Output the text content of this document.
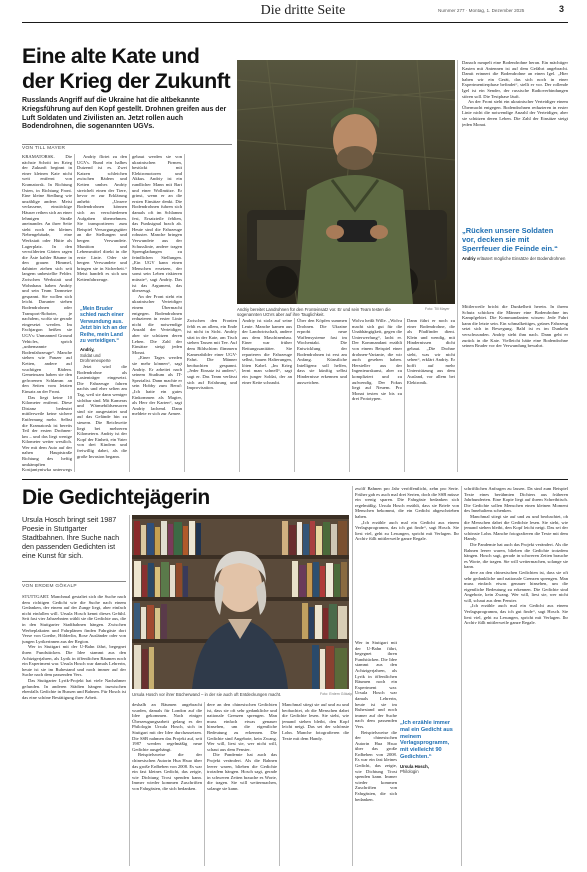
Die dritte Seite	Nummer 277 · Montag, 1. Dezember 2025	3
Eine alte Kate und
der Krieg der Zukunft
Russlands Angriff auf die Ukraine hat die altbekannte Kriegsführung auf den Kopf gestellt. Drohnen greifen aus der Luft Soldaten und Zivilisten an. Jetzt rollen auch Bodendrohnen, die sogenannten UGVs.
VON TILL MAYER

KRAMATORSK. Die nächste Schritt im Krieg der Zukunft beginnt in einer kleinen Kate nicht weit entfernt von Kramatorsk. In Richtung Osten, in Richtung Front. Eine kleine Siedlung wie unzählige andere. Meist verlassene, einstöckige Häuser reihen sich an einer lehmigen Straße aneinander. An ihrer Seite steht noch ein kleines Nebengebäude, eine Werkstatt oder Hütte als Lagerplatz. In den verwilderten Gärten ragen die Äste kahler Bäume in den grauen Himmel, dahinter ziehen sich seit langem unbestellte Felder. Zwischen Werkstatt und Wohnhaus haben Andriy und sein Team Tarnnetze gespannt. Sie wollen sich leicht. Darunter stehen Bodendrohnen oder Transport-Roboter, je nachdem, wofür sie gerade eingesetzt werden. Im Fachjargon heißen sie UGVs: Unmanned Ground Vehicles, sprich „unbemannte Bodenfahrzeuge“. Manche stehen wie Panzer auf Ketten, andere auf wuchtigen Rädern. Gemeinsam haben sie den gefrorenen Schlamm an den Seiten vom letzten Einsatz an der Front.

Das liegt keine 10 Kilometer entfernt. Diese Distanz bedeutet mittlerweile keine sichere Entfernung mehr. Selbst die Kramatorsk ist bereits Teil der ersten Drohnen-km – und das liegt wenige Kilometer weiter westlich. Wer mit dem Auto auf der nahen Hauptstraße Richtung des heftig umkämpften Kostjantyniwka unterwegs

Andriy flirtet zu den UGVs. Rund ein halbes Dutzend ist es. Zwei Katzen schleichen zwischen Rädern und Ketten umher. Andriy streichelt einen der Tiere, bevor er zur Erklärung anhebt: „Unsere Bodendrohnen können sich an verschiedenen Aufgaben übernehmen. Sie transportieren zum Beispiel Versorgungsgüter an die Stellungen und bergen Verwundete. Munition und Lebensmittel direkt in die erste Linie. Oder sie bergen Verwundete und bringen sie in Sicherheit.“ Meist handelt es sich um Kettenfahrzeuge.

„Mein Bruder schied nach einer Verwundung aus. Jetzt bin ich an der Reihe, mein Land zu verteidigen.“
Andriy,
Soldat und Drohnenexperte

Jetzt wird die Bodendrohne als Lastenträger eingesetzt. Die Fahrzeuge fahren nachts und eher selten am Tag, weil sie dann weniger sichtbar sind. Mit Kameras und Wärmebildsensoren sind sie ausgestattet und auf das Gelände hin zu steuern. Die Reichweite liegt bei mehreren Kilometern. Andriy ist der Kopf der Einheit, ein Vater von drei Kindern und freiwillig dabei, als die große Invasion begann.

gebaut werden sie von ukrainischen Firmen, bestückt mit Elektromotoren und Akkus. Andriy ist ein rundlicher Mann mit Bart und einer Wollmütze. Er grinst, wenn er an die ersten Einsätze denkt. Die Bodendrohnen fuhren sich damals oft im Schlamm fest, Ersatzteile fehlten, das Funksignal brach ab. Heute sind die Fahrzeuge robuster. Manche bringen Verwundete aus der Schusslinie, andere tragen Sprengladungen zu feindlichen Stellungen. „Ein UGV kann einen Menschen ersetzen, der sonst sein Leben riskieren müsste“, sagt Andriy. Das ist das Argument, das überzeugt.

An der Front steht ein ukrainischer Verteidiger einem Übermacht entgegen. Bodendrohnen reduzieren in erster Linie nicht die notwendige Anzahl der Verteidiger, aber sie schützen deren Leben. Die Zahl der Einsätze steigt jeden Monat.

„Einer Tages werden sie mehr können“, sagt Andriy. Er arbeitet nach seinem Studium als IT-Spezialist. Dann machte er sein Hobby zum Beruf: „Ich hatte ein gutes Einkommen als Magier, als Herr der Karten“, sagt Andriy lachend. Dann meldete er sich zur Armee.

Andriy bereitet Landrohnen für den Fronteinsatz vor. Er und sein Team testen die sogenannten UGVs aber auf ihre Tauglichkeit.
Foto: Till Mayer

Zwischen den Fronten fehlt es an allem, ein Ende ist nicht in Sicht. Andriy sitzt in der Kate, am Tisch stehen Tassen mit Tee. Auf dem Bildschirm flimmern Kamerabilder einer UGV-Fahrt. Die Männer beobachten gespannt. „Jeder Einsatz ist anders“, sagt er. Das Team verlässt sich auf Erfahrung und Improvisation.

Andriy ist stolz auf seine Leute. Manche kamen aus der Landwirtschaft, andere aus dem Maschinenbau. Einer war früher Rettungssanitäter. Sie reparieren die Fahrzeuge selbst, bauen Halterungen, löten Kabel. „Im Krieg lernt man schnell“, sagt ein junger Soldat, der an einer Kette schraubt.

Über den Köpfen summen Drohnen. Die Ukraine erprobt neue Waffensysteme fast im Wochentakt. Die Entwicklung der Bodendrohnen ist erst am Anfang. Künstliche Intelligenz soll helfen, dass sie künftig selbst Hindernisse erkennen und ausweichen.

Wolva heißt Wille. „Wolva macht sich gut für die Unabhängigkeit, gegen die Unterwerfung“, lacht er. Der Kommandant erzählt von einem Beispiel einer drohnen-Variante, die wir auch gesehen haben. Hersteller aus der Ingenieurskunst, aber zu kompliziert und zu aufwendig. Der Fokus liegt auf Neuem. Pro Monat testen sie bis zu drei Prototypen.

Dann führt er noch zu einer Bodendrohne, die als Pfadfinder dient. Klein und wendig, mit Hindernissen dicht gebaut. „Die Drohne sieht, was wir nicht sehen“, erklärt Andriy. Er hofft auf mehr Unterstützung aus dem Ausland, vor allem bei Elektronik.

Danach rumpelt eine Bodendrohne heran. Ein mächtiger Kasten mit Antennen ist auf dem Gefährt angebracht. Damit erinnert die Bodendrohne an einen Igel. „Hier haben wir ein Gerät, das sich noch in einer Experimentierphase befindet“, stellt er vor. Der rollende Igel ist ein Sender, der russische Radioverbindungen stören soll. Die Testphase läuft.

An der Front steht ein ukrainischer Verteidiger einem Übermacht entgegen. Bodendrohnen reduzieren in erster Linie nicht die notwendige Anzahl der Verteidiger, aber sie schützen deren Leben. Die Zahl der Einsätze steigt jeden Monat.

„Rücken unsere Soldaten vor, decken sie mit Sperrfeuer die Feinde ein.“
Andriy erläutert mögliche Einsätze der Bodendrohnen

Mittlerweile bricht die Dunkelheit herein. In ihrem Schutz schicken die Männer eine Bodendrohne ins Kampfgebiet. Die Kommandanten wissen: Jede Fahrt kann die letzte sein. Ein schmalkettiges, grünes Fahrzeug setzt sich in Bewegung. Bald ist es im Dunkeln verschwunden. Andriy sieht ihm nach. Dann geht er zurück in die Kate. Vielleicht hätte eine Bodendrohne seinen Bruder vor der Verwundung bewahrt.

Die Gedichtejägerin
Ursula Hosch bringt seit 1987 Poesie in Stuttgarter Stadtbahnen. Ihre Suche nach den passenden Gedichten ist eine Kunst für sich.
VON ERDEM GÖKALP

STUTTGART. Manchmal gestaltet sich die Suche nach dem richtigen Gedicht wie die Suche nach einem Gedanken, der einem auf der Zunge liegt, aber einfach nicht einfallen will. Ursula Hosch kennt dieses Gefühl. Seit fast vier Jahrzehnten wählt sie die Gedichte aus, die in den Stuttgarter Stadtbahnen hängen. Zwischen Werbeplakaten und Fahrplänen finden Fahrgäste dort Verse von Goethe, Hölderlin, Rose Ausländer oder von jungen Lyrikerinnen aus der Region.

Wer in Stuttgart mit der U-Bahn fährt, begegnet ihren Fundstücken. Die Idee stammt aus den Achtzigerjahren, als Lyrik in öffentlichen Räumen noch ein Experiment war. Ursula Hosch war damals Lehrerin, heute ist sie im Ruhestand und noch immer auf der Suche nach dem passenden Vers.

Das Stuttgarter Lyrik-Projekt hat viele Nachahmer gefunden. In anderen Städten hängen inzwischen ebenfalls Gedichte in Bussen und Bahnen. Für Hosch ist das eine schöne Bestätigung ihrer Arbeit.

Ursula Hosch vor ihrer Bücherwand – in der sie auch oft Entdeckungen macht.	Foto: Erdem Gökalp

deshalb an Bäumen angebracht wurden, damals für London auf die Idee gekommen. Nach einiger Überzeugungsarbeit gelang es der Philologin Ursula Hosch, sich in Stuttgart mit der Idee durchzusetzen. Die SSB nahmen das Projekt auf, seit 1987 werden regelmäßig neue Gedichte ausgehängt.

Beispielsweise die der chinesischen Autorin Hua Hsuo über das große Erdbeben von 2008. Es war ein fast kleines Gedicht, das zeigte, wie Dichtung Trost spenden kann. Immer wieder kommen Zuschriften von Fahrgästen, die sich bedanken.

dere an den chinesischen Gedichten ist, dass sie oft sehr gedankliche und nationale Grenzen sprengen. Man muss einfach etwas genauer hinsehen, um die eigentliche Bedeutung zu erkennen. Die Gedichte sind Angebote, kein Zwang. Wer will, liest sie, wer nicht will, schaut aus dem Fenster.

Die Pandemie hat auch das Projekt verändert. Als die Bahnen leerer waren, blieben die Gedichte trotzdem hängen. Hosch sagt, gerade in schweren Zeiten brauche es Worte, die tragen. Sie will weitermachen, solange sie kann.

Manchmal stiegt sie auf und zu und beobachtet, ob die Menschen dabei die Gedichte lesen. Sie sieht, wie jemand stehen bleibt, den Kopf leicht neigt. Das sei der schönste Lohn. Manche fotografieren die Texte mit dem Handy.

zwölf Bahnen pro Jahr veröffentlicht, zehn pro Serie. Früher gab es auch mal drei Serien, doch die SSB müsse ein wenig sparen. Die Fahrgäste bedanken sich regelmäßig. Ursula Hosch erzählt, dass sie Briefe von Menschen bekommt, die ein Gedicht abgeschrieben haben.

„Ich erzähle auch mal ein Gedicht aus einem Verlagsprogramm, das ich gut finde“, sagt Hosch. Sie liest viel, geht zu Lesungen, spricht mit Verlagen. Ihr Archiv füllt mittlerweile ganze Regale.

„Ich erzähle immer mal ein Gedicht aus meinem Verlagsprogramm, mit vielleicht 90 Gedichten.“
Ursula Hosch,
Philologin

Wer in Stuttgart mit der U-Bahn fährt, begegnet ihren Fundstücken. Die Idee stammt aus den Achtzigerjahren, als Lyrik in öffentlichen Räumen noch ein Experiment war. Ursula Hosch war damals Lehrerin, heute ist sie im Ruhestand und noch immer auf der Suche nach dem passenden Vers.

Beispielsweise die der chinesischen Autorin Hua Hsuo über das große Erdbeben von 2008. Es war ein fast kleines Gedicht, das zeigte, wie Dichtung Trost spenden kann. Immer wieder kommen Zuschriften von Fahrgästen, die sich bedanken.

schriftlichen Anfragen zu lassen. Da sind zum Beispiel Texte eines berühmten Dichters aus früheren Jahrhunderten. Eine Kopie liegt auf ihrem Schreibtisch. Die Gedichte sollen Menschen einen kleinen Moment des Innehaltens schenken.

Manchmal stiegt sie auf und zu und beobachtet, ob die Menschen dabei die Gedichte lesen. Sie sieht, wie jemand stehen bleibt, den Kopf leicht neigt. Das sei der schönste Lohn. Manche fotografieren die Texte mit dem Handy.

Die Pandemie hat auch das Projekt verändert. Als die Bahnen leerer waren, blieben die Gedichte trotzdem hängen. Hosch sagt, gerade in schweren Zeiten brauche es Worte, die tragen. Sie will weitermachen, solange sie kann.

dere an den chinesischen Gedichten ist, dass sie oft sehr gedankliche und nationale Grenzen sprengen. Man muss einfach etwas genauer hinsehen, um die eigentliche Bedeutung zu erkennen. Die Gedichte sind Angebote, kein Zwang. Wer will, liest sie, wer nicht will, schaut aus dem Fenster.

„Ich erzähle auch mal ein Gedicht aus einem Verlagsprogramm, das ich gut finde“, sagt Hosch. Sie liest viel, geht zu Lesungen, spricht mit Verlagen. Ihr Archiv füllt mittlerweile ganze Regale.
